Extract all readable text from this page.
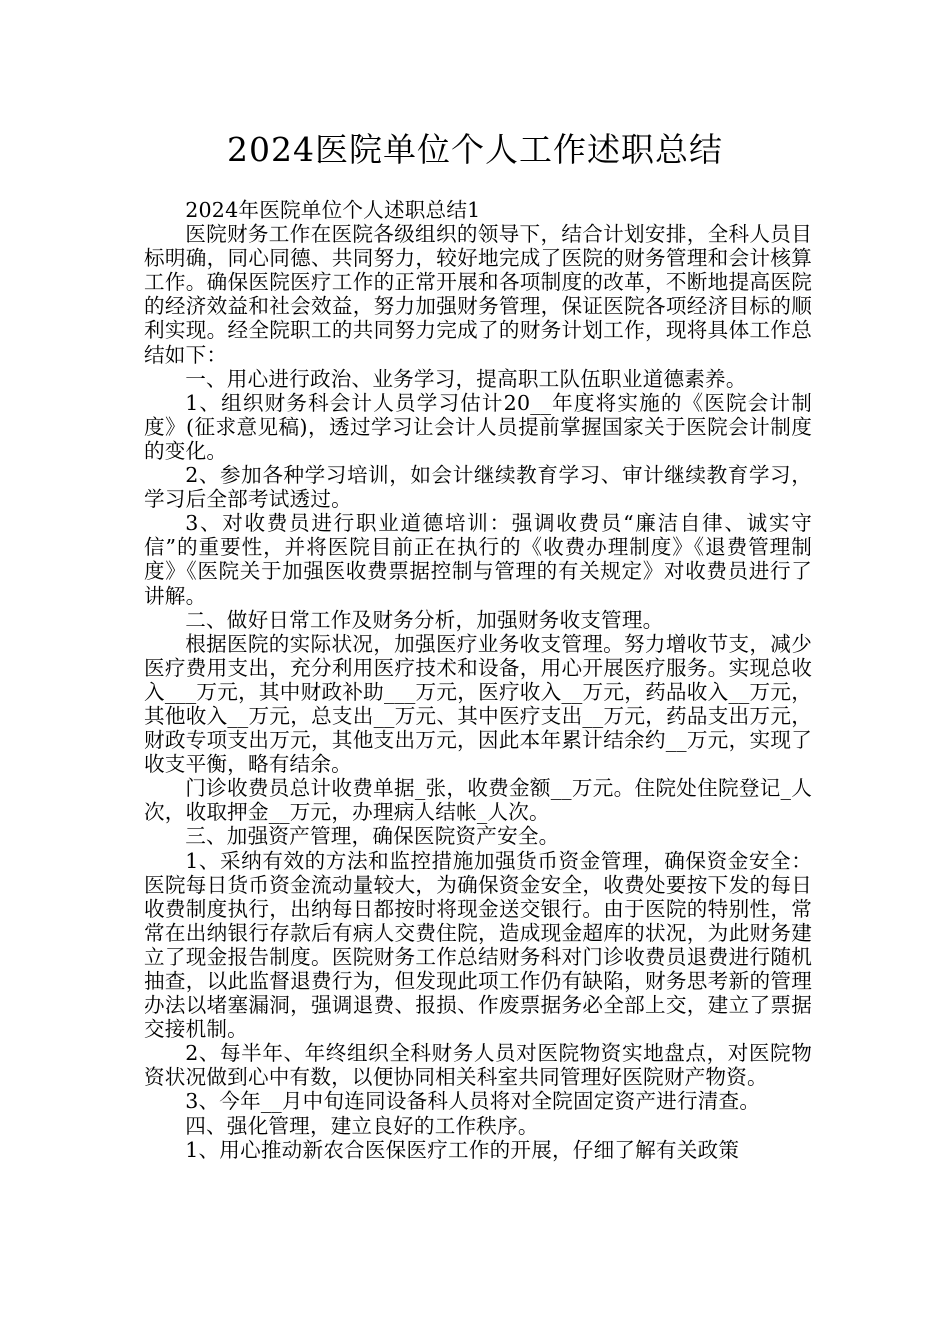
2024医院单位个人工作述职总结

2024年医院单位个人述职总结1

医院财务工作在医院各级组织的领导下，结合计划安排，全科人员目标明确，同心同德、共同努力，较好地完成了医院的财务管理和会计核算工作。确保医院医疗工作的正常开展和各项制度的改革，不断地提高医院的经济效益和社会效益，努力加强财务管理，保证医院各项经济目标的顺利实现。经全院职工的共同努力完成了的财务计划工作，现将具体工作总结如下：

一、用心进行政治、业务学习，提高职工队伍职业道德素养。

1、组织财务科会计人员学习估计20__年度将实施的《医院会计制度》(征求意见稿)，透过学习让会计人员提前掌握国家关于医院会计制度的变化。

2、参加各种学习培训，如会计继续教育学习、审计继续教育学习，学习后全部考试透过。

3、对收费员进行职业道德培训：强调收费员“廉洁自律、诚实守信”的重要性，并将医院目前正在执行的《收费办理制度》《退费管理制度》《医院关于加强医收费票据控制与管理的有关规定》对收费员进行了讲解。

二、做好日常工作及财务分析，加强财务收支管理。

根据医院的实际状况，加强医疗业务收支管理。努力增收节支，减少医疗费用支出，充分利用医疗技术和设备，用心开展医疗服务。实现总收入___万元，其中财政补助___万元，医疗收入__万元，药品收入__万元，其他收入__万元，总支出__万元、其中医疗支出__万元，药品支出万元，财政专项支出万元，其他支出万元，因此本年累计结余约__万元，实现了收支平衡，略有结余。

门诊收费员总计收费单据_张，收费金额__万元。住院处住院登记_人次，收取押金__万元，办理病人结帐_人次。

三、加强资产管理，确保医院资产安全。

1、采纳有效的方法和监控措施加强货币资金管理，确保资金安全：医院每日货币资金流动量较大，为确保资金安全，收费处要按下发的每日收费制度执行，出纳每日都按时将现金送交银行。由于医院的特别性，常常在出纳银行存款后有病人交费住院，造成现金超库的状况，为此财务建立了现金报告制度。医院财务工作总结财务科对门诊收费员退费进行随机抽查，以此监督退费行为，但发现此项工作仍有缺陷，财务思考新的管理办法以堵塞漏洞，强调退费、报损、作废票据务必全部上交，建立了票据交接机制。

2、每半年、年终组织全科财务人员对医院物资实地盘点，对医院物资状况做到心中有数，以便协同相关科室共同管理好医院财产物资。

3、今年__月中旬连同设备科人员将对全院固定资产进行清查。

四、强化管理，建立良好的工作秩序。

1、用心推动新农合医保医疗工作的开展，仔细了解有关政策
